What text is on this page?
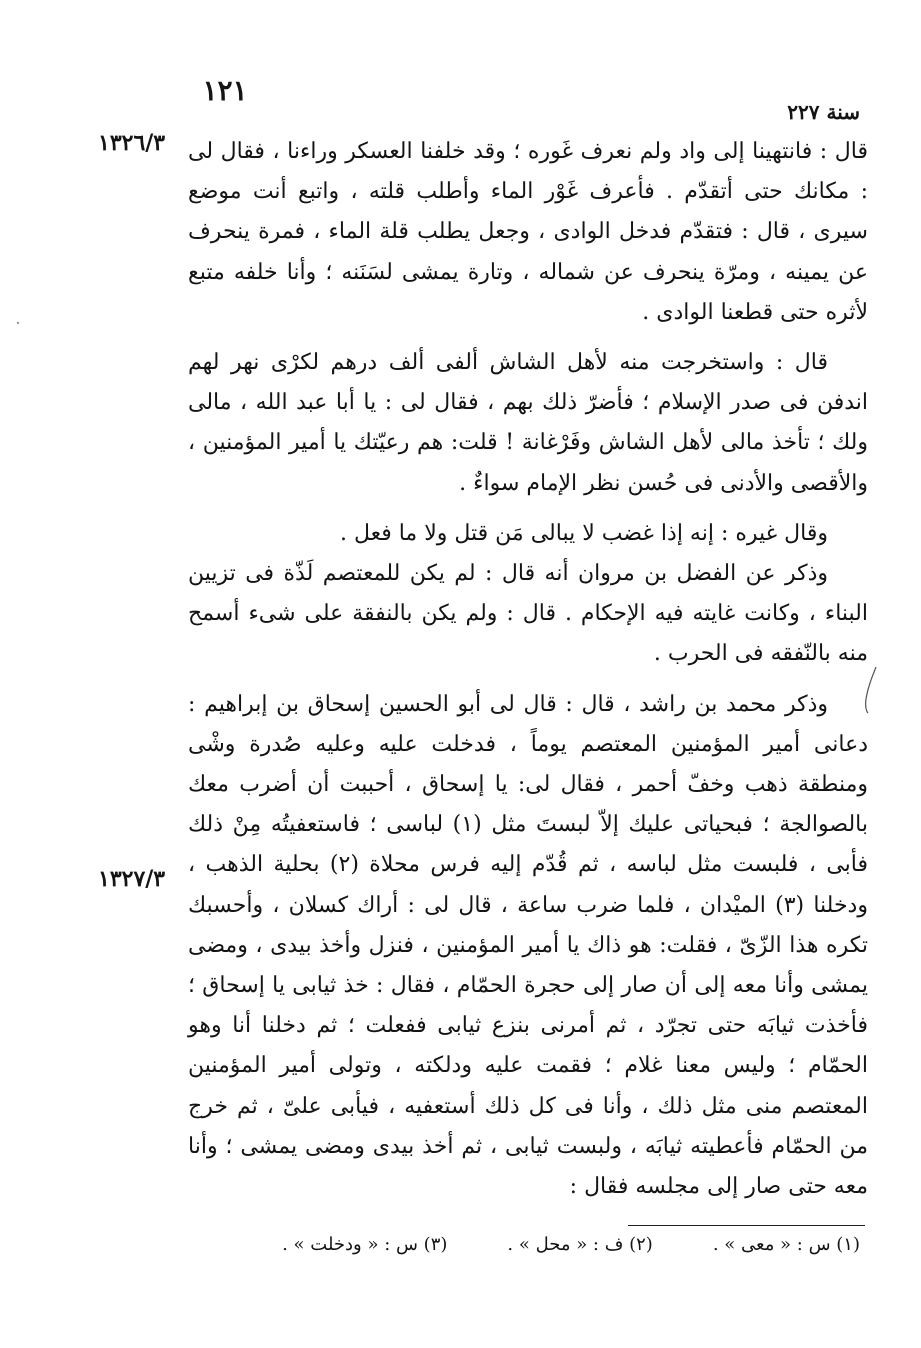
١٢١
سنة ٢٢٧
١٣٢٦/٣
١٣٢٧/٣

قال : فانتهينا إلى واد ولم نعرف غَوره ؛ وقد خلفنا العسكر وراءنا ، فقال لى : مكانك حتى أتقدّم . فأعرف غَوْر الماء وأطلب قلته ، واتبع أنت موضع سيرى ، قال : فتقدّم فدخل الوادى ، وجعل يطلب قلة الماء ، فمرة ينحرف عن يمينه ، ومرّة ينحرف عن شماله ، وتارة يمشى لسَنَنه ؛ وأنا خلفه متبع لأثره حتى قطعنا الوادى .

قال : واستخرجت منه لأهل الشاش ألفى ألف درهم لكرْى نهر لهم اندفن فى صدر الإسلام ؛ فأضرّ ذلك بهم ، فقال لى : يا أبا عبد الله ، مالى ولك ؛ تأخذ مالى لأهل الشاش وفَرْغانة ! قلت: هم رعيّتك يا أمير المؤمنين ، والأقصى والأدنى فى حُسن نظر الإمام سواءٌ .

وقال غيره : إنه إذا غضب لا يبالى مَن قتل ولا ما فعل .

وذكر عن الفضل بن مروان أنه قال : لم يكن للمعتصم لَذّة فى تزيين البناء ، وكانت غايته فيه الإحكام . قال : ولم يكن بالنفقة على شىء أسمح منه بالنّفقه فى الحرب .

وذكر محمد بن راشد ، قال : قال لى أبو الحسين إسحاق بن إبراهيم : دعانى أمير المؤمنين المعتصم يوماً ، فدخلت عليه وعليه صُدرة وشْى ومنطقة ذهب وخفّ أحمر ، فقال لى: يا إسحاق ، أحببت أن أضرب معك بالصوالجة ؛ فبحياتى عليك إلاّ لبستَ مثل (١) لباسى ؛ فاستعفيتُه مِنْ ذلك فأبى ، فلبست مثل لباسه ، ثم قُدّم إليه فرس محلاة (٢) بحلية الذهب ، ودخلنا (٣) الميْدان ، فلما ضرب ساعة ، قال لى : أراك كسلان ، وأحسبك تكره هذا الزّىّ ، فقلت: هو ذاك يا أمير المؤمنين ، فنزل وأخذ بيدى ، ومضى يمشى وأنا معه إلى أن صار إلى حجرة الحمّام ، فقال : خذ ثيابى يا إسحاق ؛ فأخذت ثيابَه حتى تجرّد ، ثم أمرنى بنزع ثيابى ففعلت ؛ ثم دخلنا أنا وهو الحمّام ؛ وليس معنا غلام ؛ فقمت عليه ودلكته ، وتولى أمير المؤمنين المعتصم منى مثل ذلك ، وأنا فى كل ذلك أستعفيه ، فيأبى علىّ ، ثم خرج من الحمّام فأعطيته ثيابَه ، ولبست ثيابى ، ثم أخذ بيدى ومضى يمشى ؛ وأنا معه حتى صار إلى مجلسه فقال :

(١) س : « معى » .
(٢) ف : « محل » .
(٣) س : « ودخلت » .
